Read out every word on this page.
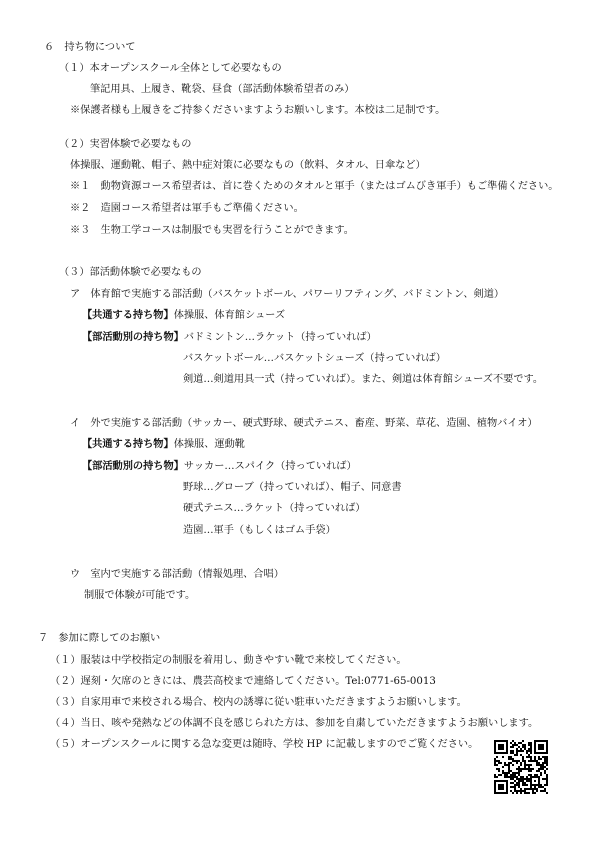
６　持ち物について
（１）本オープンスクール全体として必要なもの
筆記用具、上履き、靴袋、昼食（部活動体験希望者のみ）
※保護者様も上履きをご持参くださいますようお願いします。本校は二足制です。
（２）実習体験で必要なもの
体操服、運動靴、帽子、熱中症対策に必要なもの（飲料、タオル、日傘など）
※１　動物資源コース希望者は、首に巻くためのタオルと軍手（またはゴムびき軍手）もご準備ください。
※２　造園コース希望者は軍手もご準備ください。
※３　生物工学コースは制服でも実習を行うことができます。
（３）部活動体験で必要なもの
ア　体育館で実施する部活動（バスケットボール、パワーリフティング、バドミントン、剣道）
【共通する持ち物】体操服、体育館シューズ
【部活動別の持ち物】バドミントン…ラケット（持っていれば）
バスケットボール…バスケットシューズ（持っていれば）
剣道…剣道用具一式（持っていれば）。また、剣道は体育館シューズ不要です。
イ　外で実施する部活動（サッカー、硬式野球、硬式テニス、畜産、野菜、草花、造園、植物バイオ）
【共通する持ち物】体操服、運動靴
【部活動別の持ち物】サッカー…スパイク（持っていれば）
野球…グローブ（持っていれば）、帽子、同意書
硬式テニス…ラケット（持っていれば）
造園…軍手（もしくはゴム手袋）
ウ　室内で実施する部活動（情報処理、合唱）
制服で体験が可能です。
７　参加に際してのお願い
（１）服装は中学校指定の制服を着用し、動きやすい靴で来校してください。
（２）遅刻・欠席のときには、農芸高校まで連絡してください。Tel:0771-65-0013
（３）自家用車で来校される場合、校内の誘導に従い駐車いただきますようお願いします。
（４）当日、咳や発熱などの体調不良を感じられた方は、参加を自粛していただきますようお願いします。
（５）オープンスクールに関する急な変更は随時、学校 HP に記載しますのでご覧ください。
